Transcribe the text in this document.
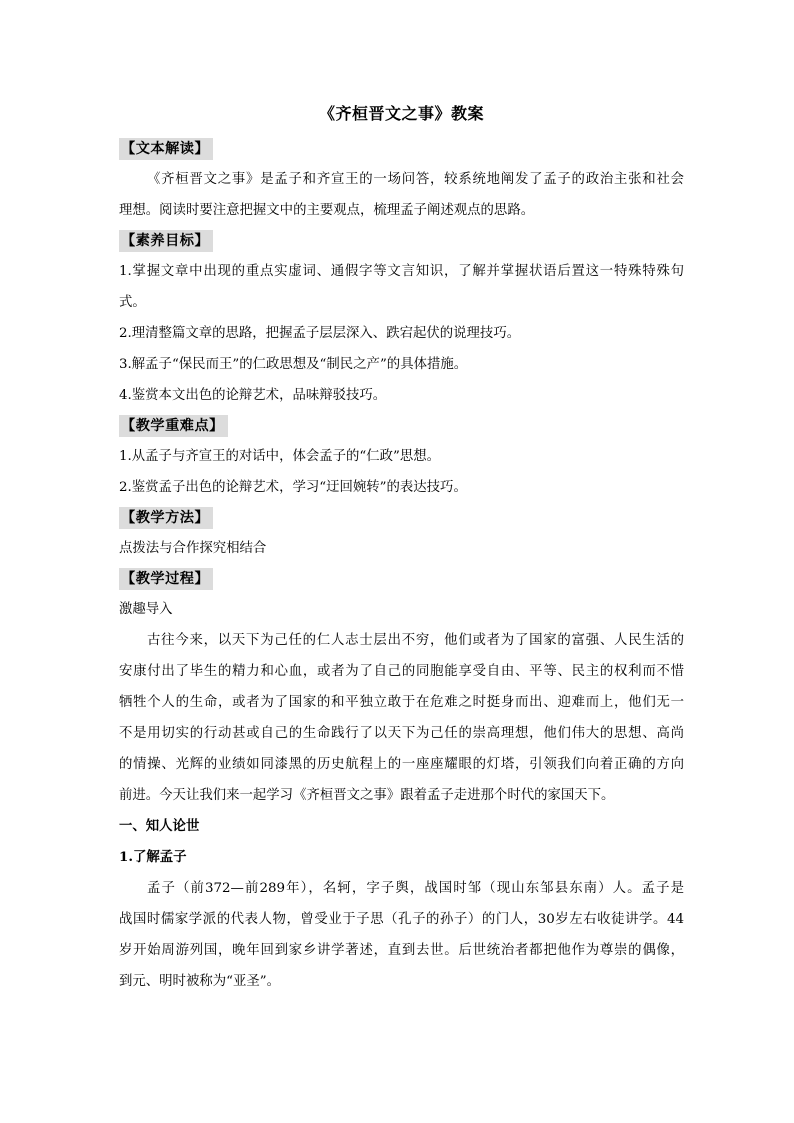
《齐桓晋文之事》教案
【文本解读】
《齐桓晋文之事》是孟子和齐宣王的一场问答，较系统地阐发了孟子的政治主张和社会
理想。阅读时要注意把握文中的主要观点，梳理孟子阐述观点的思路。
【素养目标】
1.掌握文章中出现的重点实虚词、通假字等文言知识，了解并掌握状语后置这一特殊特殊句
式。
2.理清整篇文章的思路，把握孟子层层深入、跌宕起伏的说理技巧。
3.解孟子“保民而王”的仁政思想及“制民之产”的具体措施。
4.鉴赏本文出色的论辩艺术，品味辩驳技巧。
【教学重难点】
1.从孟子与齐宣王的对话中，体会孟子的“仁政”思想。
2.鉴赏孟子出色的论辩艺术，学习“迂回婉转”的表达技巧。
【教学方法】
点拨法与合作探究相结合
【教学过程】
激趣导入
古往今来，以天下为己任的仁人志士层出不穷，他们或者为了国家的富强、人民生活的
安康付出了毕生的精力和心血，或者为了自己的同胞能享受自由、平等、民主的权利而不惜
牺牲个人的生命，或者为了国家的和平独立敢于在危难之时挺身而出、迎难而上，他们无一
不是用切实的行动甚或自己的生命践行了以天下为己任的崇高理想，他们伟大的思想、高尚
的情操、光辉的业绩如同漆黑的历史航程上的一座座耀眼的灯塔，引领我们向着正确的方向
前进。今天让我们来一起学习《齐桓晋文之事》跟着孟子走进那个时代的家国天下。
一、知人论世
1.了解孟子
孟子（前372—前289年），名轲，字子舆，战国时邹（现山东邹县东南）人。孟子是
战国时儒家学派的代表人物，曾受业于子思（孔子的孙子）的门人，30岁左右收徒讲学。44
岁开始周游列国，晚年回到家乡讲学著述，直到去世。后世统治者都把他作为尊崇的偶像，
到元、明时被称为“亚圣”。
